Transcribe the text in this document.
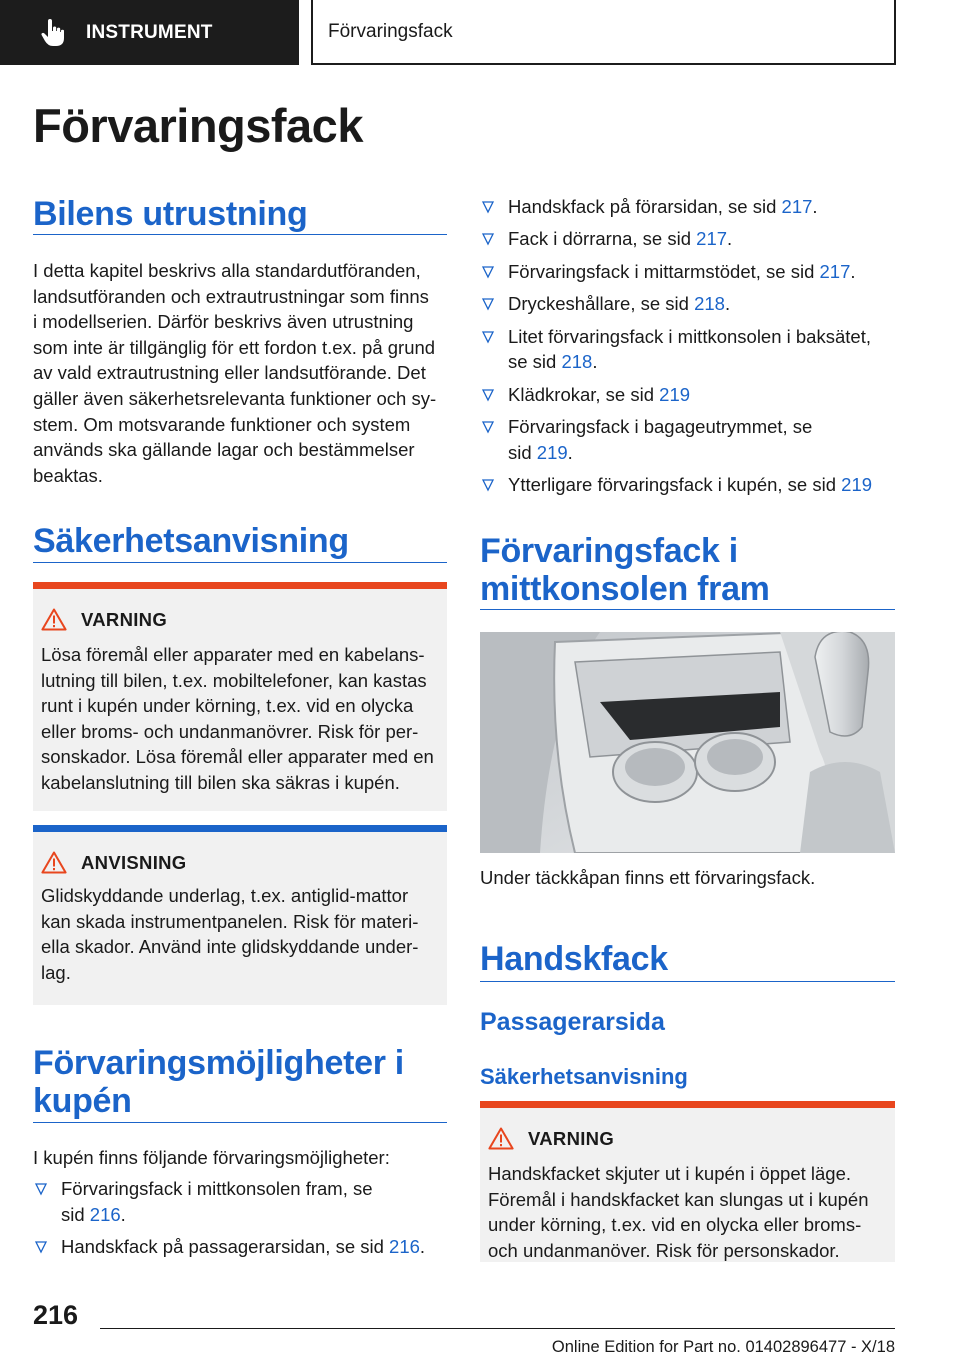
INSTRUMENT	Förvaringsfack
Förvaringsfack
Bilens utrustning
I detta kapitel beskrivs alla standardutföranden,
landsutföranden och extrautrustningar som finns
i modellserien. Därför beskrivs även utrustning
som inte är tillgänglig för ett fordon t.ex. på grund
av vald extrautrustning eller landsutförande. Det
gäller även säkerhetsrelevanta funktioner och sy‐
stem. Om motsvarande funktioner och system
används ska gällande lagar och bestämmelser
beaktas.
Säkerhetsanvisning
VARNING
Lösa föremål eller apparater med en kabelans‐
lutning till bilen, t.ex. mobiltelefoner, kan kastas
runt i kupén under körning, t.ex. vid en olycka
eller broms- och undanmanövrer. Risk för per‐
sonskador. Lösa föremål eller apparater med en
kabelanslutning till bilen ska säkras i kupén.
ANVISNING
Glidskyddande underlag, t.ex. antiglid-mattor
kan skada instrumentpanelen. Risk för materi‐
ella skador. Använd inte glidskyddande under‐
lag.
Förvaringsmöjligheter i
kupén
I kupén finns följande förvaringsmöjligheter:
Förvaringsfack i mittkonsolen fram, se
sid 216.
Handskfack på passagerarsidan, se sid 216.
Handskfack på förarsidan, se sid 217.
Fack i dörrarna, se sid 217.
Förvaringsfack i mittarmstödet, se sid 217.
Dryckeshållare, se sid 218.
Litet förvaringsfack i mittkonsolen i baksätet,
se sid 218.
Klädkrokar, se sid 219
Förvaringsfack i bagageutrymmet, se
sid 219.
Ytterligare förvaringsfack i kupén, se sid 219
Förvaringsfack i
mittkonsolen fram
Under täckkåpan finns ett förvaringsfack.
Handskfack
Passagerarsida
Säkerhetsanvisning
VARNING
Handskfacket skjuter ut i kupén i öppet läge.
Föremål i handskfacket kan slungas ut i kupén
under körning, t.ex. vid en olycka eller broms‐
och undanmanöver. Risk för personskador.
216
Online Edition for Part no. 01402896477 - X/18
